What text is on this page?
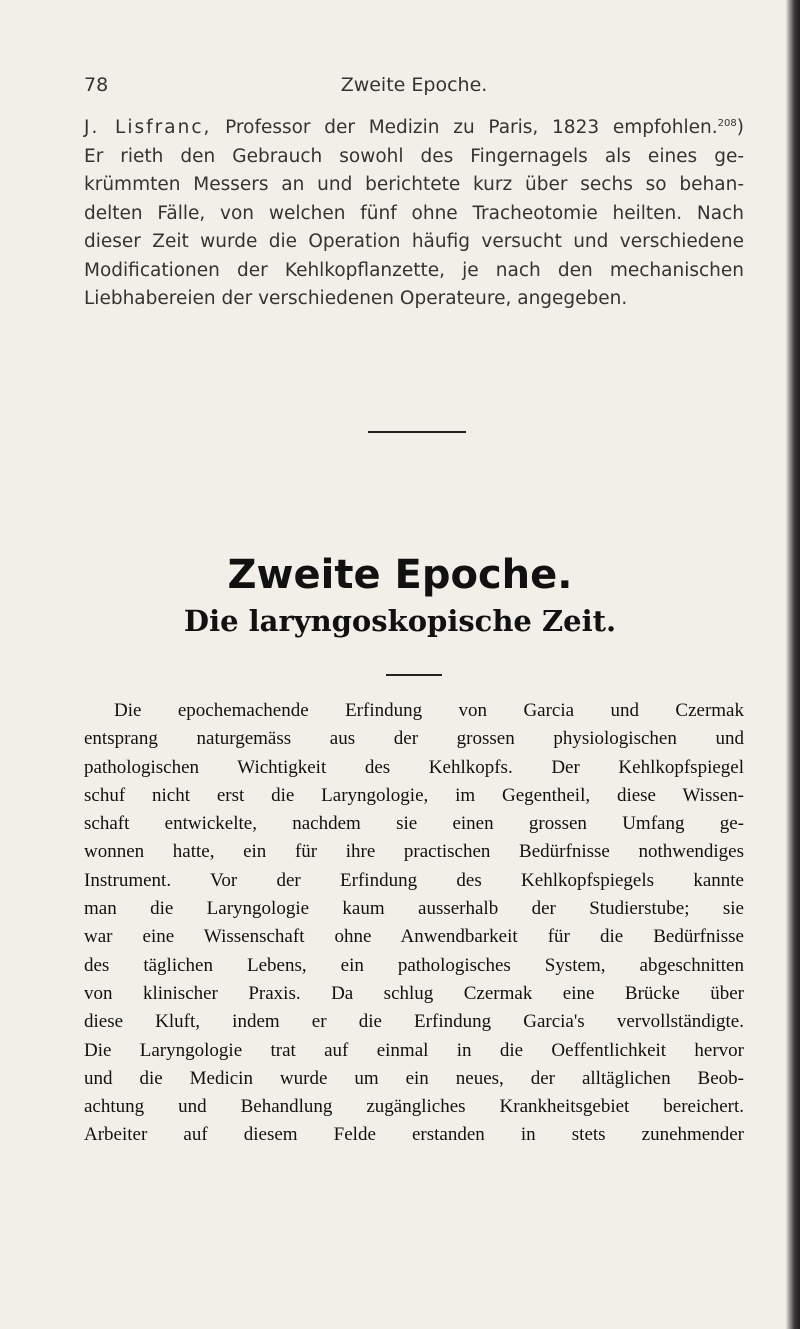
78	Zweite Epoche.
J. Lisfranc, Professor der Medizin zu Paris, 1823 empfohlen.$^{208}$)
Er rieth den Gebrauch sowohl des Fingernagels als eines ge-
krümmten Messers an und berichtete kurz über sechs so behan-
delten Fälle, von welchen fünf ohne Tracheotomie heilten. Nach
dieser Zeit wurde die Operation häufig versucht und verschiedene
Modificationen der Kehlkopflanzette, je nach den mechanischen
Liebhabereien der verschiedenen Operateure, angegeben.
Zweite Epoche.
Die laryngoskopische Zeit.
Die epochemachende Erfindung von Garcia und Czermak
entsprang naturgemäss aus der grossen physiologischen und
pathologischen Wichtigkeit des Kehlkopfs. Der Kehlkopfspiegel
schuf nicht erst die Laryngologie, im Gegentheil, diese Wissen-
schaft entwickelte, nachdem sie einen grossen Umfang ge-
wonnen hatte, ein für ihre practischen Bedürfnisse nothwendiges
Instrument. Vor der Erfindung des Kehlkopfspiegels kannte
man die Laryngologie kaum ausserhalb der Studierstube; sie
war eine Wissenschaft ohne Anwendbarkeit für die Bedürfnisse
des täglichen Lebens, ein pathologisches System, abgeschnitten
von klinischer Praxis. Da schlug Czermak eine Brücke über
diese Kluft, indem er die Erfindung Garcia's vervollständigte.
Die Laryngologie trat auf einmal in die Oeffentlichkeit hervor
und die Medicin wurde um ein neues, der alltäglichen Beob-
achtung und Behandlung zugängliches Krankheitsgebiet bereichert.
Arbeiter auf diesem Felde erstanden in stets zunehmender
